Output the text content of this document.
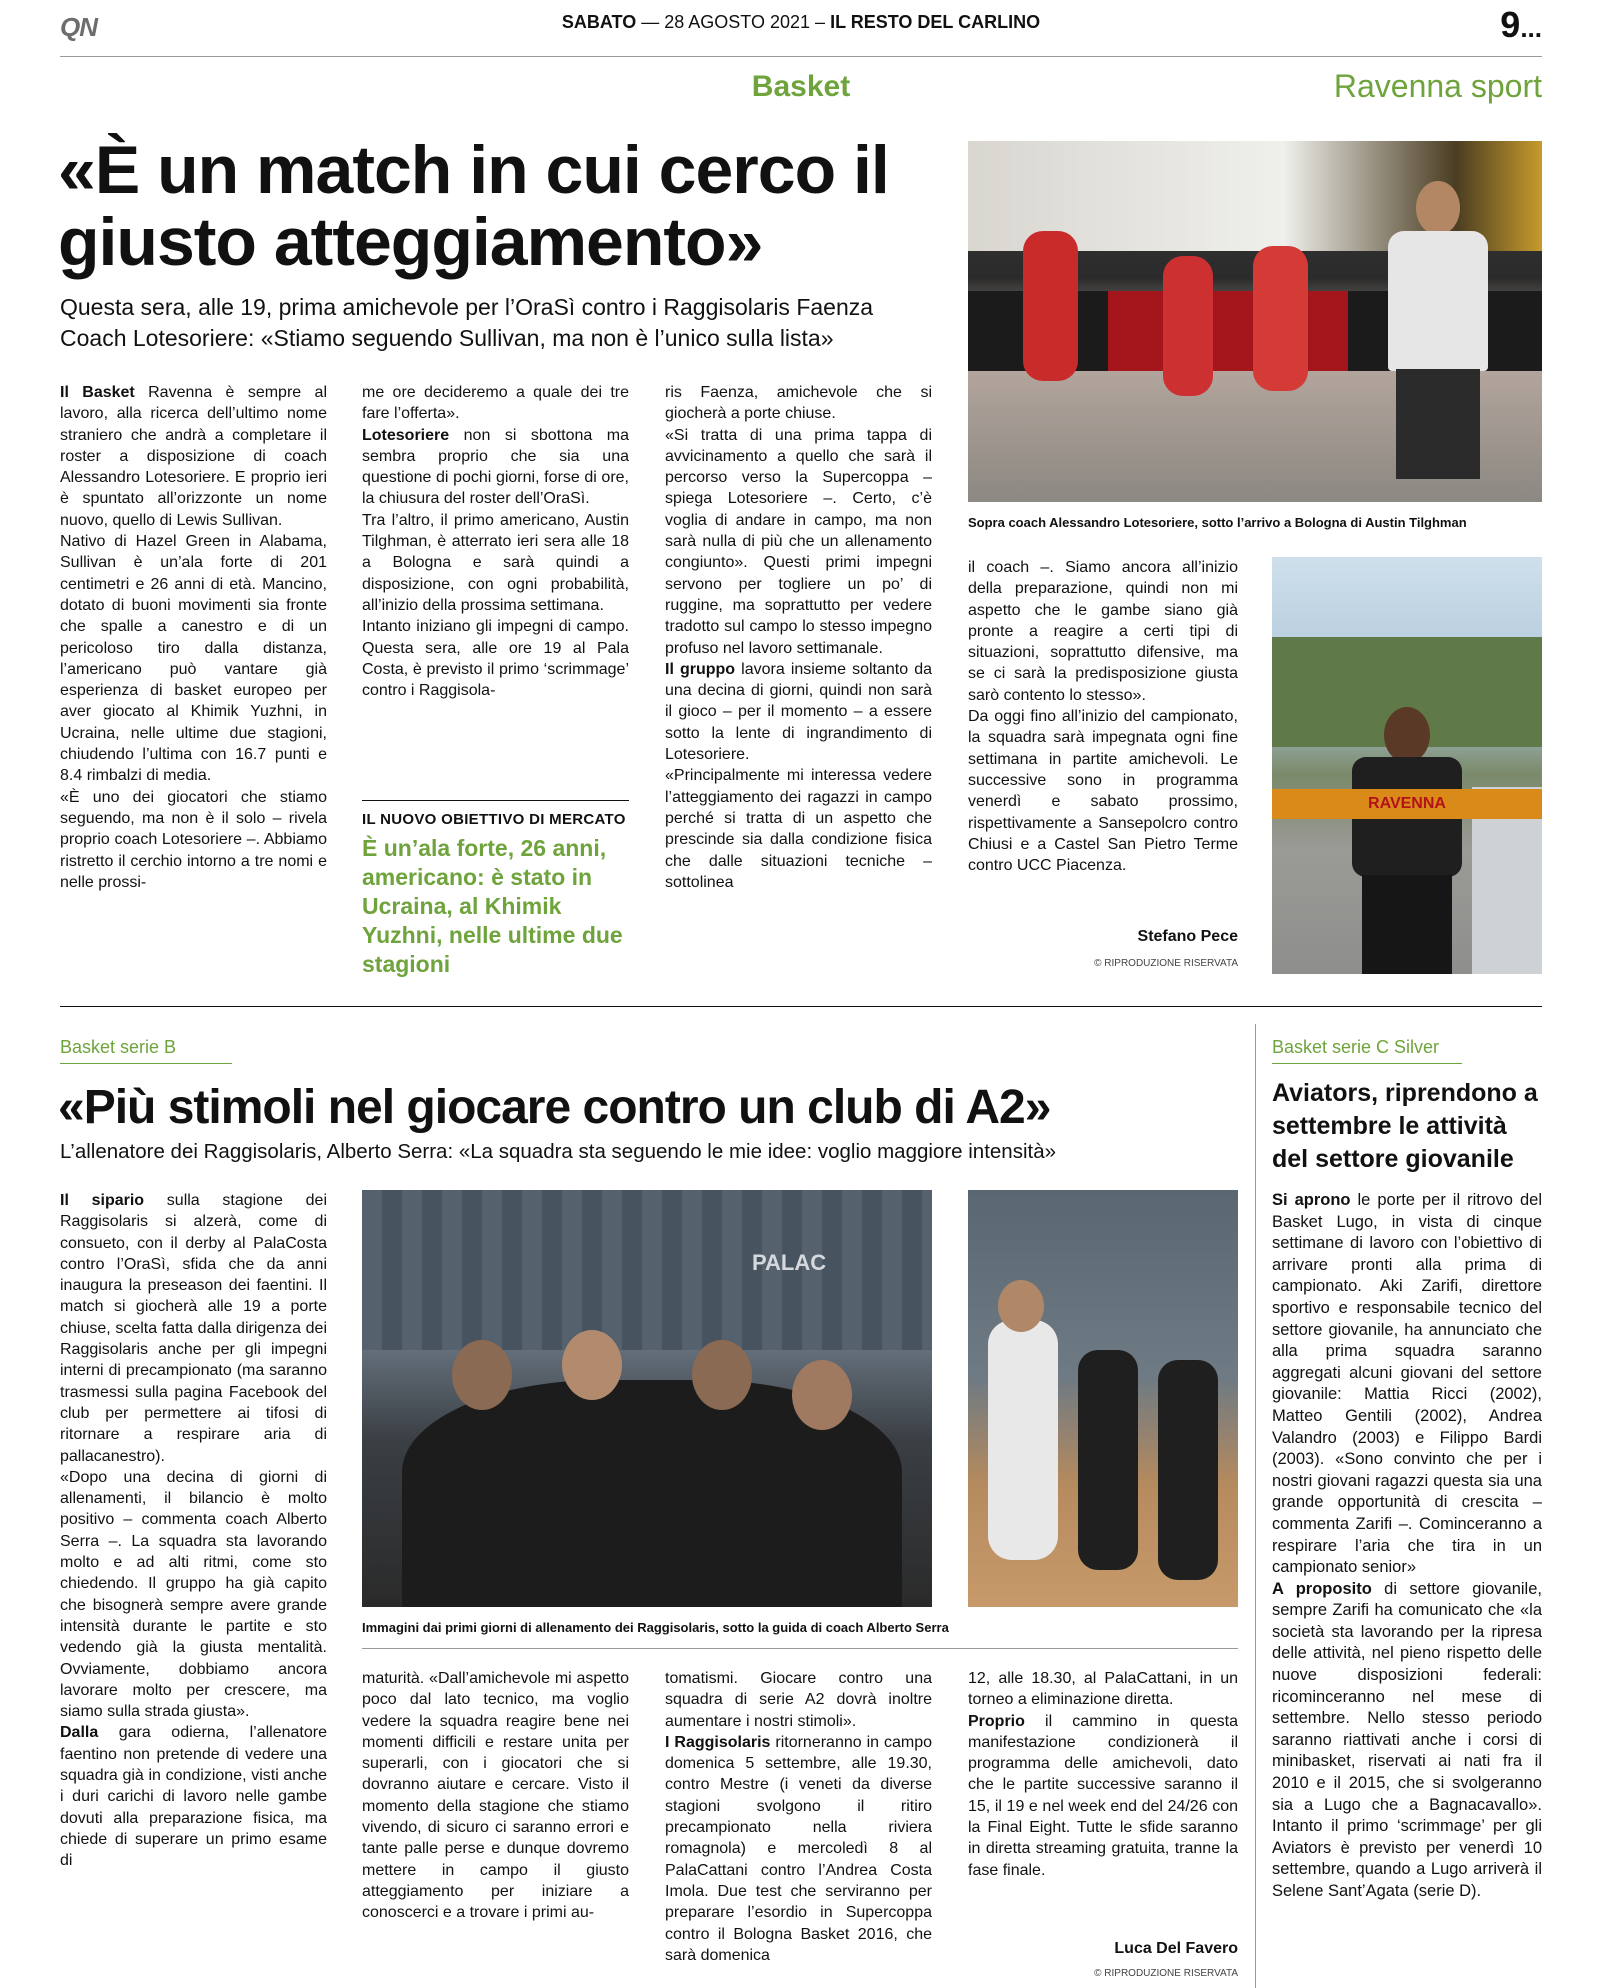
QN	SABATO — 28 AGOSTO 2021 – IL RESTO DEL CARLINO	9...
Basket	Ravenna sport
«È un match in cui cerco il giusto atteggiamento»
Questa sera, alle 19, prima amichevole per l’OraSì contro i Raggisolaris Faenza
Coach Lotesoriere: «Stiamo seguendo Sullivan, ma non è l’unico sulla lista»

Il Basket Ravenna è sempre al lavoro, alla ricerca dell’ultimo nome straniero che andrà a completare il roster a disposizione di coach Alessandro Lotesoriere. E proprio ieri è spuntato all’orizzonte un nome nuovo, quello di Lewis Sullivan.

Nativo di Hazel Green in Alabama, Sullivan è un’ala forte di 201 centimetri e 26 anni di età. Mancino, dotato di buoni movimenti sia fronte che spalle a canestro e di un pericoloso tiro dalla distanza, l’americano può vantare già esperienza di basket europeo per aver giocato al Khimik Yuzhni, in Ucraina, nelle ultime due stagioni, chiudendo l’ultima con 16.7 punti e 8.4 rimbalzi di media.

«È uno dei giocatori che stiamo seguendo, ma non è il solo – rivela proprio coach Lotesoriere –. Abbiamo ristretto il cerchio intorno a tre nomi e nelle prossi-

me ore decideremo a quale dei tre fare l’offerta».

Lotesoriere non si sbottona ma sembra proprio che sia una questione di pochi giorni, forse di ore, la chiusura del roster dell’OraSì.

Tra l’altro, il primo americano, Austin Tilghman, è atterrato ieri sera alle 18 a Bologna e sarà quindi a disposizione, con ogni probabilità, all’inizio della prossima settimana.

Intanto iniziano gli impegni di campo. Questa sera, alle ore 19 al Pala Costa, è previsto il primo ‘scrimmage’ contro i Raggisola-

IL NUOVO OBIETTIVO DI MERCATO
È un’ala forte, 26 anni, americano: è stato in Ucraina, al Khimik Yuzhni, nelle ultime due stagioni

ris Faenza, amichevole che si giocherà a porte chiuse.

«Si tratta di una prima tappa di avvicinamento a quello che sarà il percorso verso la Supercoppa – spiega Lotesoriere –. Certo, c’è voglia di andare in campo, ma non sarà nulla di più che un allenamento congiunto». Questi primi impegni servono per togliere un po’ di ruggine, ma soprattutto per vedere tradotto sul campo lo stesso impegno profuso nel lavoro settimanale.

Il gruppo lavora insieme soltanto da una decina di giorni, quindi non sarà il gioco – per il momento – a essere sotto la lente di ingrandimento di Lotesoriere.

«Principalmente mi interessa vedere l’atteggiamento dei ragazzi in campo perché si tratta di un aspetto che prescinde sia dalla condizione fisica che dalle situazioni tecniche – sottolinea

Sopra coach Alessandro Lotesoriere, sotto l’arrivo a Bologna di Austin Tilghman
RAVENNA

il coach –. Siamo ancora all’inizio della preparazione, quindi non mi aspetto che le gambe siano già pronte a reagire a certi tipi di situazioni, soprattutto difensive, ma se ci sarà la predisposizione giusta sarò contento lo stesso».

Da oggi fino all’inizio del campionato, la squadra sarà impegnata ogni fine settimana in partite amichevoli. Le successive sono in programma venerdì e sabato prossimo, rispettivamente a Sansepolcro contro Chiusi e a Castel San Pietro Terme contro UCC Piacenza.

Stefano Pece
© RIPRODUZIONE RISERVATA
Basket serie B
«Più stimoli nel giocare contro un club di A2»
L’allenatore dei Raggisolaris, Alberto Serra: «La squadra sta seguendo le mie idee: voglio maggiore intensità»

Il sipario sulla stagione dei Raggisolaris si alzerà, come di consueto, con il derby al PalaCosta contro l’OraSì, sfida che da anni inaugura la preseason dei faentini. Il match si giocherà alle 19 a porte chiuse, scelta fatta dalla dirigenza dei Raggisolaris anche per gli impegni interni di precampionato (ma saranno trasmessi sulla pagina Facebook del club per permettere ai tifosi di ritornare a respirare aria di pallacanestro).

«Dopo una decina di giorni di allenamenti, il bilancio è molto positivo – commenta coach Alberto Serra –. La squadra sta lavorando molto e ad alti ritmi, come sto chiedendo. Il gruppo ha già capito che bisognerà sempre avere grande intensità durante le partite e sto vedendo già la giusta mentalità. Ovviamente, dobbiamo ancora lavorare molto per crescere, ma siamo sulla strada giusta».

Dalla gara odierna, l’allenatore faentino non pretende di vedere una squadra già in condizione, visti anche i duri carichi di lavoro nelle gambe dovuti alla preparazione fisica, ma chiede di superare un primo esame di

PALAC
Immagini dai primi giorni di allenamento dei Raggisolaris, sotto la guida di coach Alberto Serra

maturità. «Dall’amichevole mi aspetto poco dal lato tecnico, ma voglio vedere la squadra reagire bene nei momenti difficili e restare unita per superarli, con i giocatori che si dovranno aiutare e cercare. Visto il momento della stagione che stiamo vivendo, di sicuro ci saranno errori e tante palle perse e dunque dovremo mettere in campo il giusto atteggiamento per iniziare a conoscerci e a trovare i primi au-

tomatismi. Giocare contro una squadra di serie A2 dovrà inoltre aumentare i nostri stimoli».

I Raggisolaris ritorneranno in campo domenica 5 settembre, alle 19.30, contro Mestre (i veneti da diverse stagioni svolgono il ritiro precampionato nella riviera romagnola) e mercoledì 8 al PalaCattani contro l’Andrea Costa Imola. Due test che serviranno per preparare l’esordio in Supercoppa contro il Bologna Basket 2016, che sarà domenica

12, alle 18.30, al PalaCattani, in un torneo a eliminazione diretta.

Proprio il cammino in questa manifestazione condizionerà il programma delle amichevoli, dato che le partite successive saranno il 15, il 19 e nel week end del 24/26 con la Final Eight. Tutte le sfide saranno in diretta streaming gratuita, tranne la fase finale.

Luca Del Favero
© RIPRODUZIONE RISERVATA
Basket serie C Silver
Aviators, riprendono a settembre le attività del settore giovanile

Si aprono le porte per il ritrovo del Basket Lugo, in vista di cinque settimane di lavoro con l’obiettivo di arrivare pronti alla prima di campionato. Aki Zarifi, direttore sportivo e responsabile tecnico del settore giovanile, ha annunciato che alla prima squadra saranno aggregati alcuni giovani del settore giovanile: Mattia Ricci (2002), Matteo Gentili (2002), Andrea Valandro (2003) e Filippo Bardi (2003). «Sono convinto che per i nostri giovani ragazzi questa sia una grande opportunità di crescita – commenta Zarifi –. Cominceranno a respirare l’aria che tira in un campionato senior»

A proposito di settore giovanile, sempre Zarifi ha comunicato che «la società sta lavorando per la ripresa delle attività, nel pieno rispetto delle nuove disposizioni federali: ricominceranno nel mese di settembre. Nello stesso periodo saranno riattivati anche i corsi di minibasket, riservati ai nati fra il 2010 e il 2015, che si svolgeranno sia a Lugo che a Bagnacavallo». Intanto il primo ‘scrimmage’ per gli Aviators è previsto per venerdì 10 settembre, quando a Lugo arriverà il Selene Sant’Agata (serie D).
